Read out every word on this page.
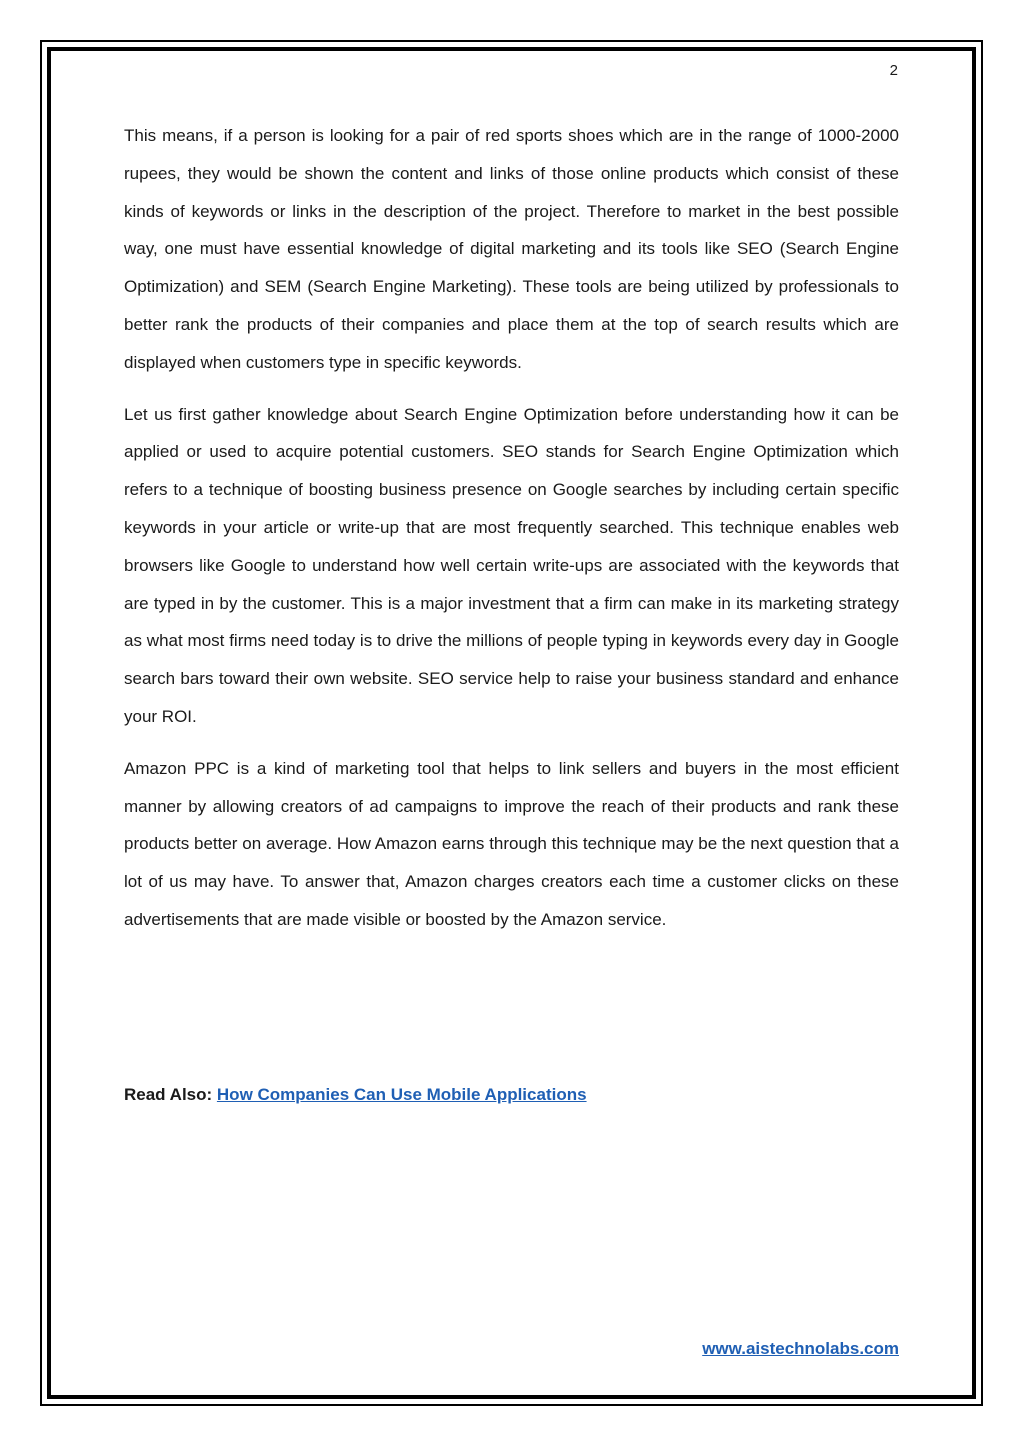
2

This means, if a person is looking for a pair of red sports shoes which are in the range of 1000-2000 rupees, they would be shown the content and links of those online products which consist of these kinds of keywords or links in the description of the project. Therefore to market in the best possible way, one must have essential knowledge of digital marketing and its tools like SEO (Search Engine Optimization) and SEM (Search Engine Marketing). These tools are being utilized by professionals to better rank the products of their companies and place them at the top of search results which are displayed when customers type in specific keywords.

Let us first gather knowledge about Search Engine Optimization before understanding how it can be applied or used to acquire potential customers. SEO stands for Search Engine Optimization which refers to a technique of boosting business presence on Google searches by including certain specific keywords in your article or write-up that are most frequently searched. This technique enables web browsers like Google to understand how well certain write-ups are associated with the keywords that are typed in by the customer. This is a major investment that a firm can make in its marketing strategy as what most firms need today is to drive the millions of people typing in keywords every day in Google search bars toward their own website. SEO service help to raise your business standard and enhance your ROI.

Amazon PPC is a kind of marketing tool that helps to link sellers and buyers in the most efficient manner by allowing creators of ad campaigns to improve the reach of their products and rank these products better on average. How Amazon earns through this technique may be the next question that a lot of us may have. To answer that, Amazon charges creators each time a customer clicks on these advertisements that are made visible or boosted by the Amazon service.

Read Also: How Companies Can Use Mobile Applications
www.aistechnolabs.com
